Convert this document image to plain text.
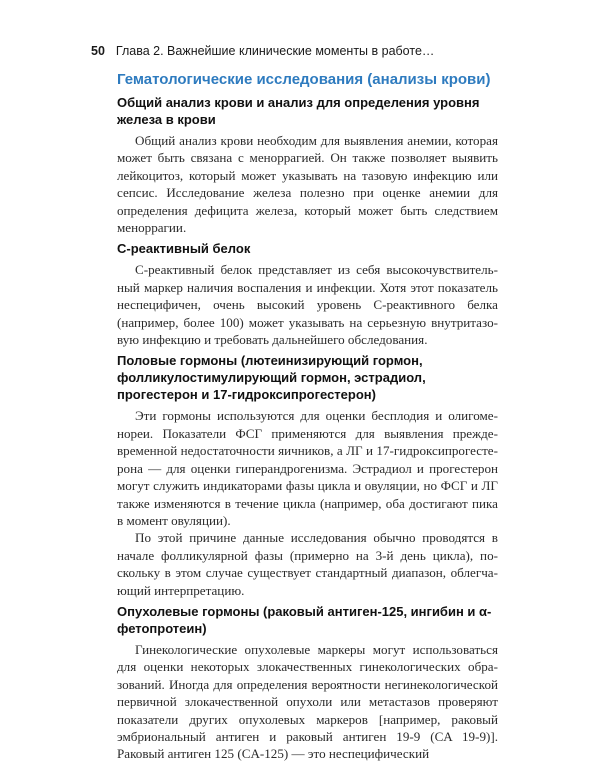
50 Глава 2. Важнейшие клинические моменты в работе…
Гематологические исследования (анализы крови)
Общий анализ крови и анализ для определения уровня железа в крови

Общий анализ крови необходим для выявления анемии, которая может быть связана с меноррагией. Он также позволяет выявить лейкоцитоз, который может указывать на тазовую инфекцию или сепсис. Исследование железа полезно при оценке анемии для определения дефицита железа, который может быть следствием меноррагии.

С-реактивный белок

С-реактивный белок представляет из себя высокочувствительный маркер наличия воспаления и инфекции. Хотя этот показатель неспецифичен, очень высокий уровень С-реактивного белка (например, более 100) может указывать на серьезную внутритазовую инфекцию и требовать дальнейшего обследования.

Половые гормоны (лютеинизирующий гормон, фолликулостимулирующий гормон, эстрадиол, прогестерон и 17-гидроксипрогестерон)

Эти гормоны используются для оценки бесплодия и олигоменореи. Показатели ФСГ применяются для выявления преждевременной недостаточности яичников, а ЛГ и 17-гидроксипрогестерона — для оценки гиперандрогенизма. Эстрадиол и прогестерон могут служить индикаторами фазы цикла и овуляции, но ФСГ и ЛГ также изменяются в течение цикла (например, оба достигают пика в момент овуляции).

По этой причине данные исследования обычно проводятся в начале фолликулярной фазы (примерно на 3-й день цикла), поскольку в этом случае существует стандартный диапазон, облегчающий интерпретацию.

Опухолевые гормоны (раковый антиген-125, ингибин и α-фетопротеин)

Гинекологические опухолевые маркеры могут использоваться для оценки некоторых злокачественных гинекологических образований. Иногда для определения вероятности негинекологической первичной злокачественной опухоли или метастазов проверяют показатели других опухолевых маркеров [например, раковый эмбриональный антиген и раковый антиген 19-9 (CA 19-9)]. Раковый антиген 125 (CA-125) — это неспецифический
